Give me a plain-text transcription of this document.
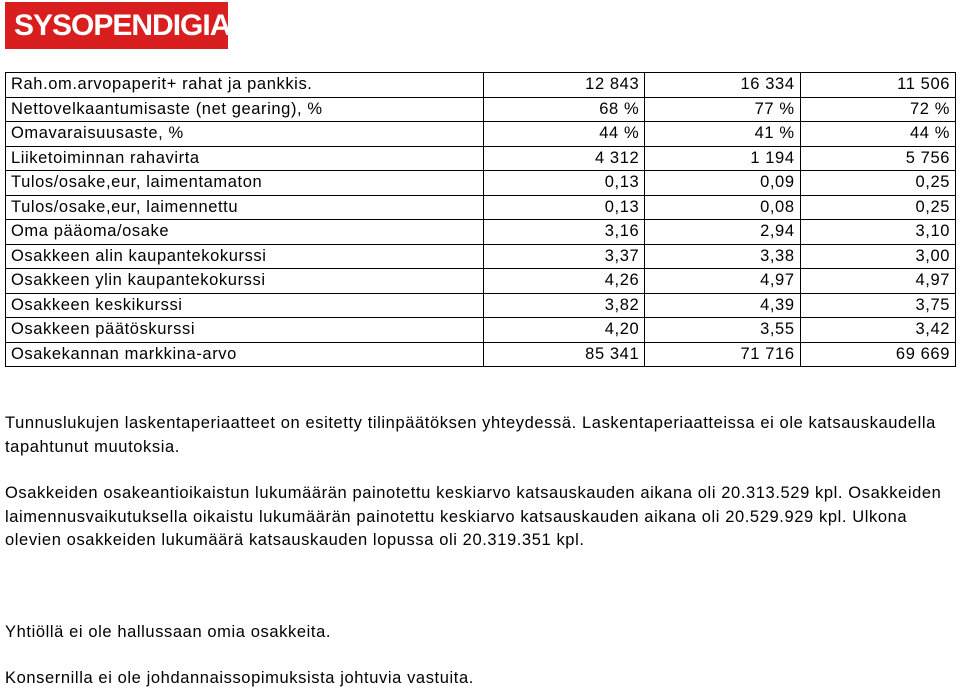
SYSOPENDIGIA
Rah.om.arvopaperit+ rahat ja pankkis.	12 843	16 334	11 506
Nettovelkaantumisaste (net gearing), %	68 %	77 %	72 %
Omavaraisuusaste, %	44 %	41 %	44 %
Liiketoiminnan rahavirta	4 312	1 194	5 756
Tulos/osake,eur, laimentamaton	0,13	0,09	0,25
Tulos/osake,eur, laimennettu	0,13	0,08	0,25
Oma pääoma/osake	3,16	2,94	3,10
Osakkeen alin kaupantekokurssi	3,37	3,38	3,00
Osakkeen ylin kaupantekokurssi	4,26	4,97	4,97
Osakkeen keskikurssi	3,82	4,39	3,75
Osakkeen päätöskurssi	4,20	3,55	3,42
Osakekannan markkina-arvo	85 341	71 716	69 669
Tunnuslukujen laskentaperiaatteet on esitetty tilinpäätöksen yhteydessä. Laskentaperiaatteissa ei ole katsauskaudella tapahtunut muutoksia.
Osakkeiden osakeantioikaistun lukumäärän painotettu keskiarvo katsauskauden aikana oli 20.313.529 kpl. Osakkeiden laimennusvaikutuksella oikaistu lukumäärän painotettu keskiarvo katsauskauden aikana oli 20.529.929 kpl. Ulkona olevien osakkeiden lukumäärä katsauskauden lopussa oli 20.319.351 kpl.
Yhtiöllä ei ole hallussaan omia osakkeita.
Konsernilla ei ole johdannaissopimuksista johtuvia vastuita.
